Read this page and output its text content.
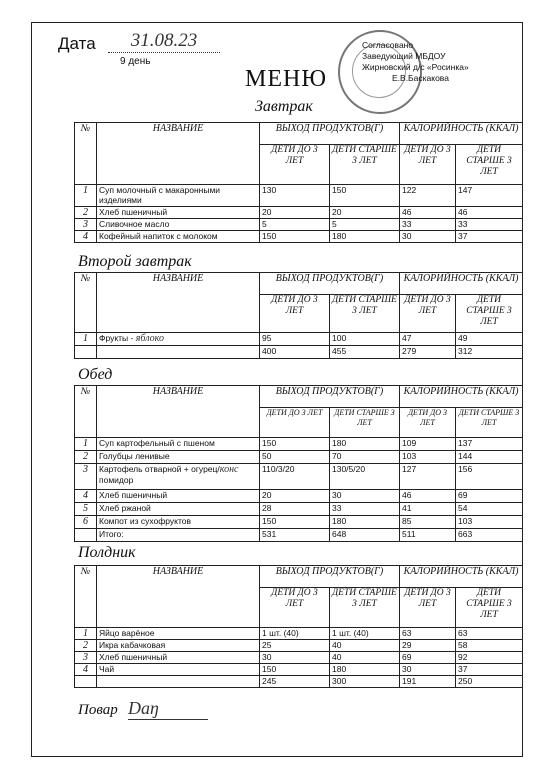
Дата	31.08.23
9 день
МЕНЮ
Согласовано
Заведующий МБДОУ
Жирновский д/с «Росинка»
Е.В.Баскакова
Завтрак
№	НАЗВАНИЕ	ВЫХОД ПРОДУКТОВ(Г)		КАЛОРИЙНОСТЬ (ККАЛ)	
		ДЕТИ ДО 3 ЛЕТ	ДЕТИ СТАРШЕ 3 ЛЕТ	ДЕТИ ДО 3 ЛЕТ	ДЕТИ СТАРШЕ 3 ЛЕТ
1	Суп молочный с макаронными изделиями	130	150	122	147
2	Хлеб пшеничный	20	20	46	46
3	Сливочное масло	5	5	33	33
4	Кофейный напиток с молоком	150	180	30	37
Второй завтрак
№	НАЗВАНИЕ	ВЫХОД ПРОДУКТОВ(Г)		КАЛОРИЙНОСТЬ (ККАЛ)	
		ДЕТИ ДО 3 ЛЕТ	ДЕТИ СТАРШЕ 3 ЛЕТ	ДЕТИ ДО 3 ЛЕТ	ДЕТИ СТАРШЕ 3 ЛЕТ
1	Фрукты - яблоко	95	100	47	49
		400	455	279	312
Обед
№	НАЗВАНИЕ	ВЫХОД ПРОДУКТОВ(Г)		КАЛОРИЙНОСТЬ (ККАЛ)	
		ДЕТИ ДО 3 ЛЕТ	ДЕТИ СТАРШЕ 3 ЛЕТ	ДЕТИ ДО 3 ЛЕТ	ДЕТИ СТАРШЕ 3 ЛЕТ
1	Суп картофельный с пшеном	150	180	109	137
2	Голубцы ленивые	50	70	103	144
3	Картофель отварной + огурец/конс
помидор	110/3/20	130/5/20	127	156
4	Хлеб пшеничный	20	30	46	69
5	Хлеб ржаной	28	33	41	54
6	Компот из сухофруктов	150	180	85	103
	Итого:	531	648	511	663
Полдник
№	НАЗВАНИЕ	ВЫХОД ПРОДУКТОВ(Г)		КАЛОРИЙНОСТЬ (ККАЛ)	
		ДЕТИ ДО 3 ЛЕТ	ДЕТИ СТАРШЕ 3 ЛЕТ	ДЕТИ ДО 3 ЛЕТ	ДЕТИ СТАРШЕ 3 ЛЕТ
1	Яйцо варёное	1 шт. (40)	1 шт. (40)	63	63
2	Икра кабачковая	25	40	29	58
3	Хлеб пшеничный	30	40	69	92
4	Чай	150	180	30	37
		245	300	191	250
Повар Daŋ
